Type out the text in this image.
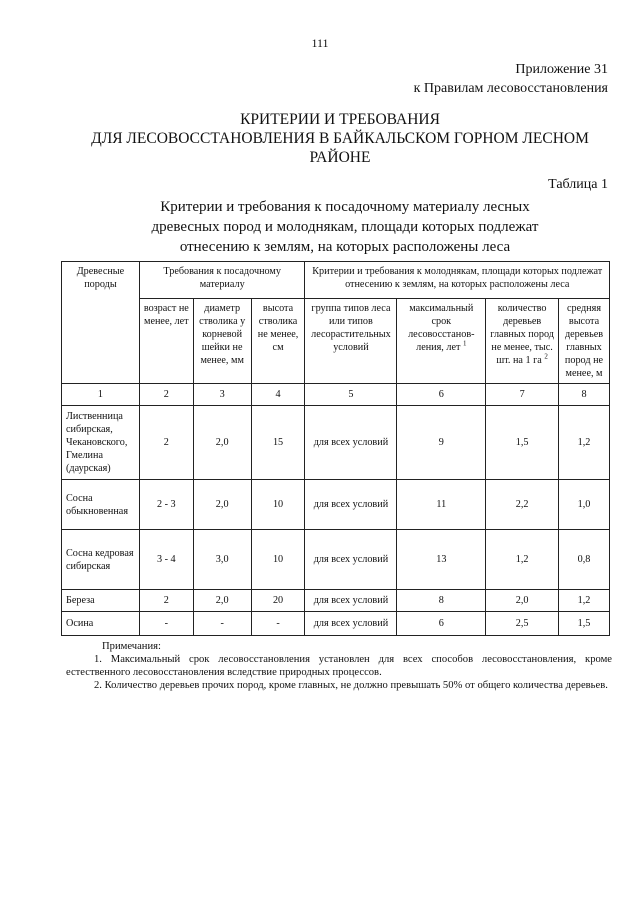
111
Приложение 31
к Правилам лесовосстановления
КРИТЕРИИ И ТРЕБОВАНИЯ
ДЛЯ ЛЕСОВОССТАНОВЛЕНИЯ В БАЙКАЛЬСКОМ ГОРНОМ ЛЕСНОМ
РАЙОНЕ
Таблица 1
Критерии и требования к посадочному материалу лесных
древесных пород и молоднякам, площади которых подлежат
отнесению к землям, на которых расположены леса
Древесные породы	Требования к посадочному материалу			Критерии и требования к молоднякам, площади которых подлежат отнесению к землям, на которых расположены леса			
	возраст не менее, лет	диаметр стволика у корневой шейки не менее, мм	высота стволика не менее, см	группа типов леса или типов лесорастительных условий	максимальный срок лесовосстанов-ления, лет $^1$	количество деревьев главных пород не менее, тыс. шт. на 1 га $^2$	средняя высота деревьев главных пород не менее, м
1	2	3	4	5	6	7	8
Лиственница сибирская, Чекановского, Гмелина (даурская)	2	2,0	15	для всех условий	9	1,5	1,2
Сосна обыкновенная	2 - 3	2,0	10	для всех условий	11	2,2	1,0
Сосна кедровая сибирская	3 - 4	3,0	10	для всех условий	13	1,2	0,8
Береза	2	2,0	20	для всех условий	8	2,0	1,2
Осина	-	-	-	для всех условий	6	2,5	1,5

Примечания:

1. Максимальный срок лесовосстановления установлен для всех способов лесовосстановления, кроме естественного лесовосстановления вследствие природных процессов.

2. Количество деревьев прочих пород, кроме главных, не должно превышать 50% от общего количества деревьев.
